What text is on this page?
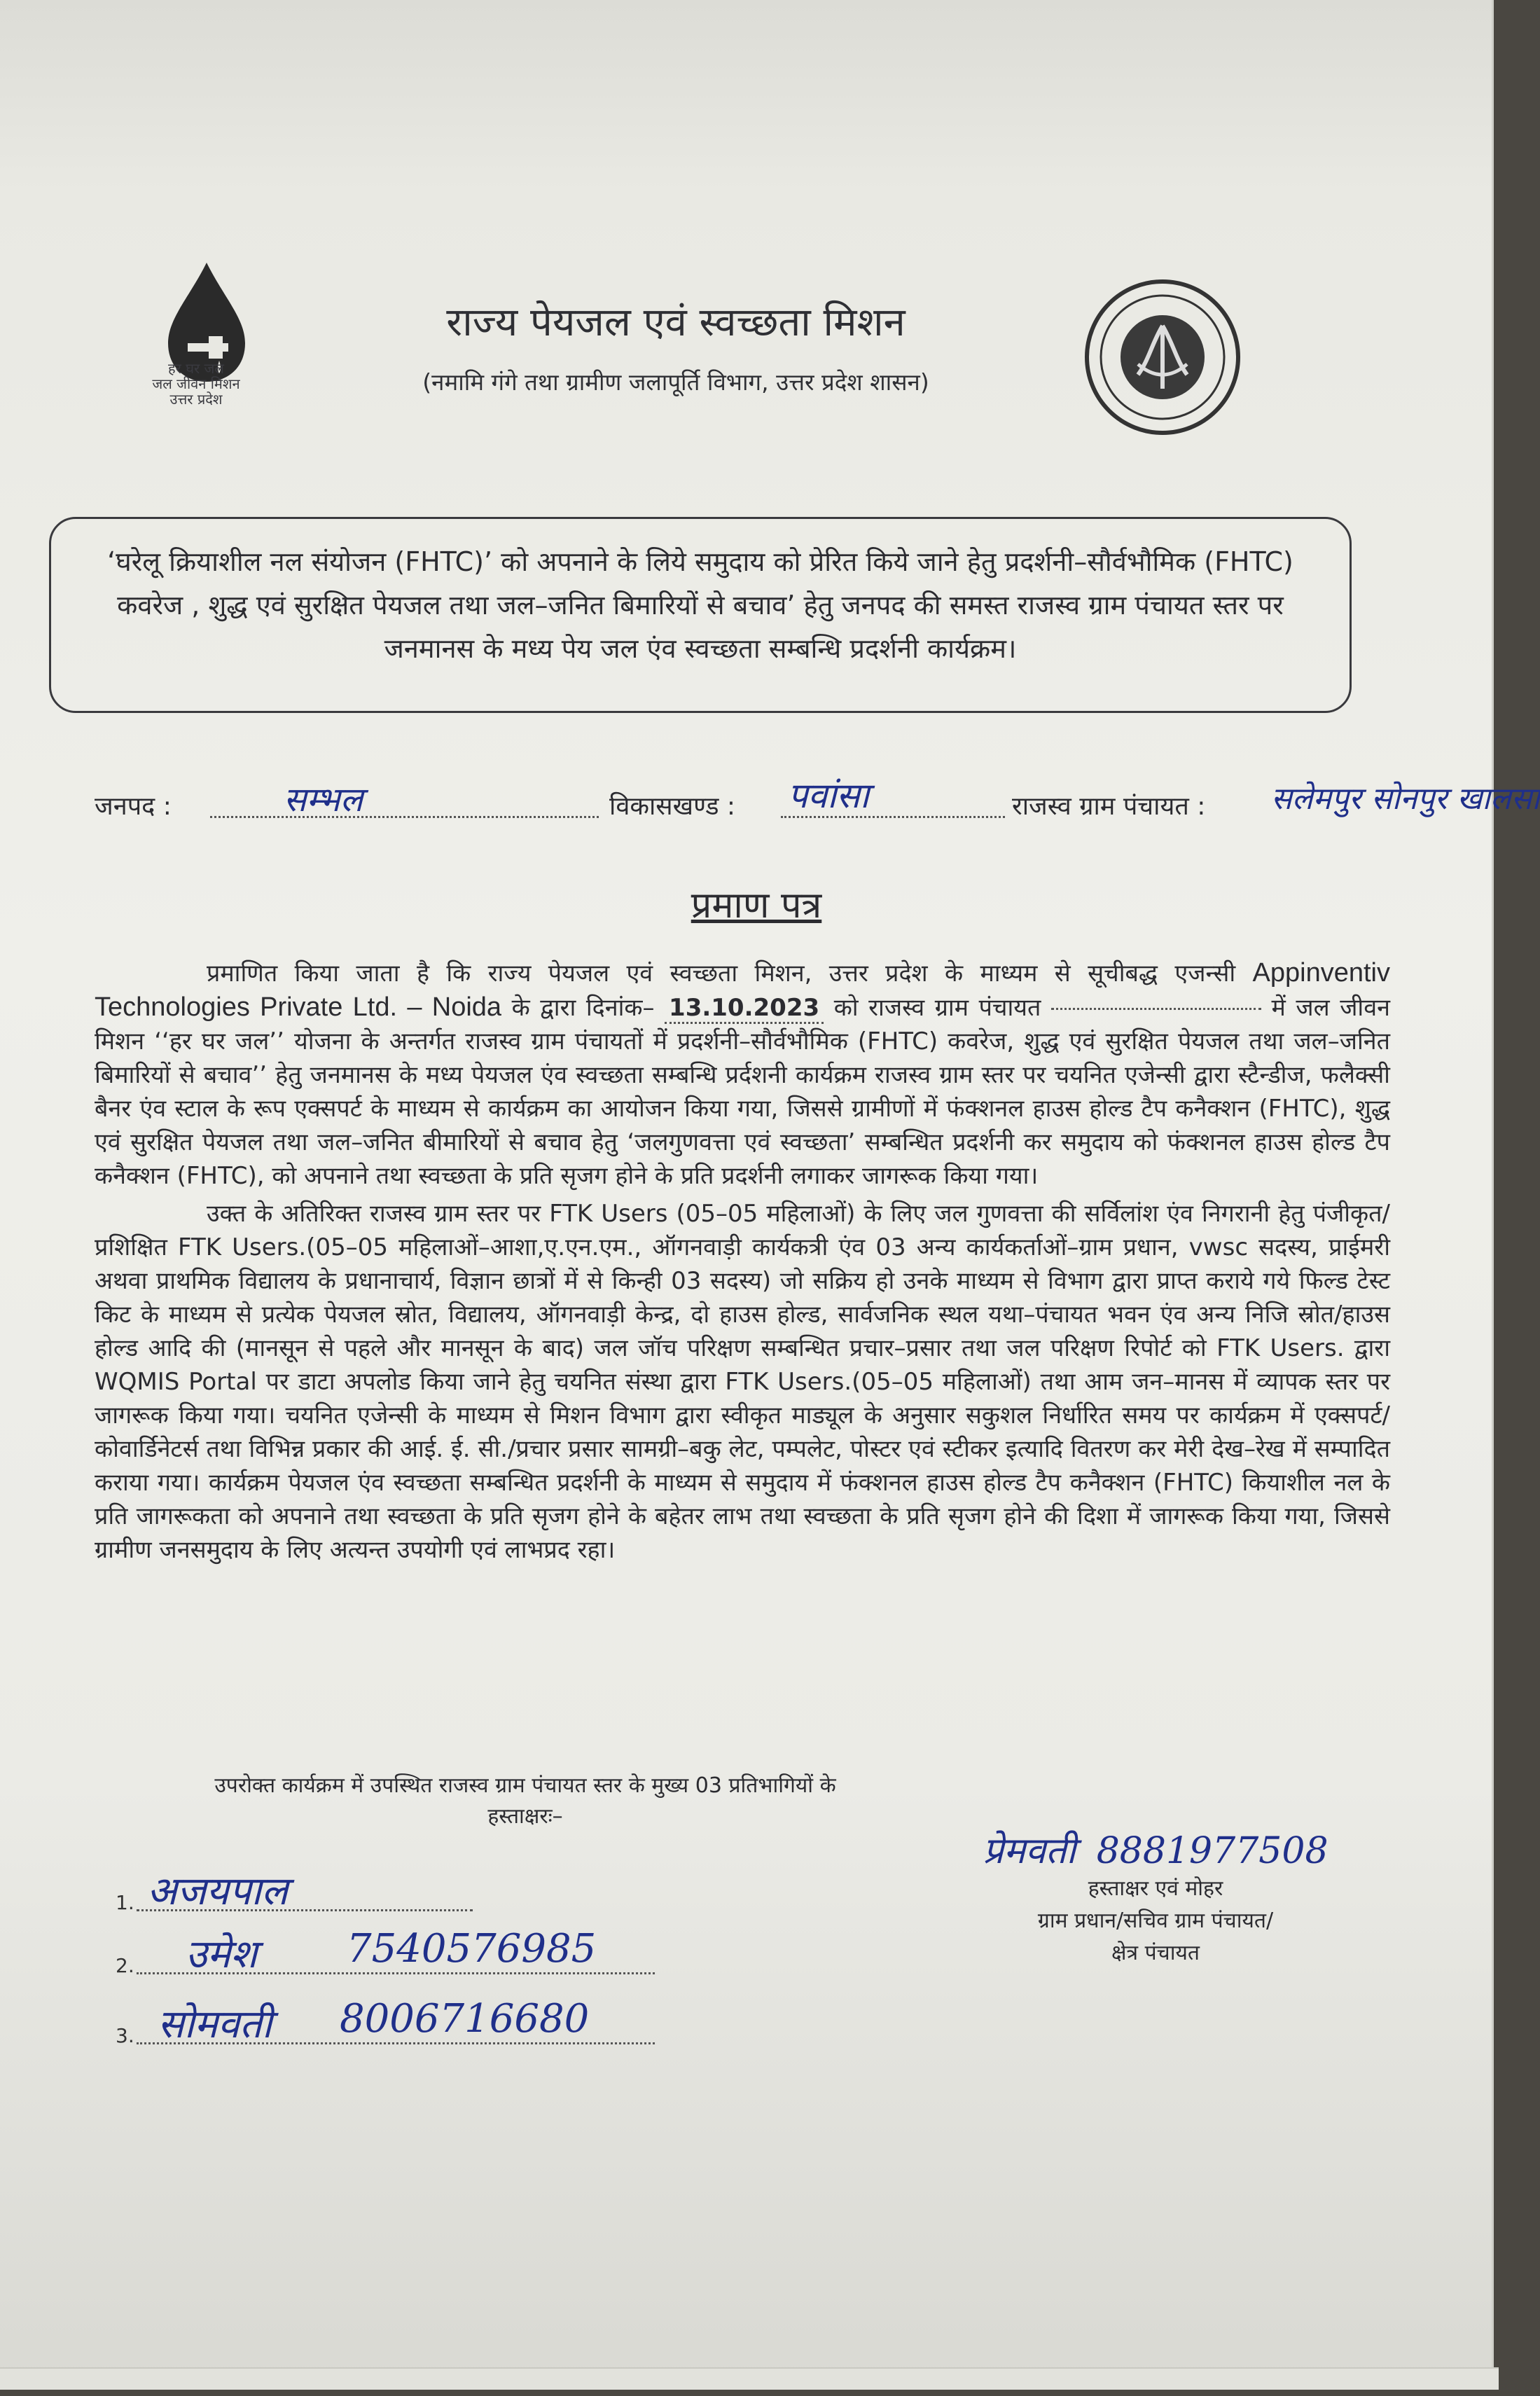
हर घर जल
जल जीवन मिशन
उत्तर प्रदेश
राज्य पेयजल एवं स्वच्छता मिशन
(नमामि गंगे तथा ग्रामीण जलापूर्ति विभाग, उत्तर प्रदेश शासन)
‘घरेलू क्रियाशील नल संयोजन (FHTC)’ को अपनाने के लिये समुदाय को प्रेरित किये जाने हेतु प्रदर्शनी–सौर्वभौमिक (FHTC) कवरेज , शुद्ध एवं सुरक्षित पेयजल तथा जल–जनित बिमारियों से बचाव’ हेतु जनपद की समस्त राजस्व ग्राम पंचायत स्तर पर जनमानस के मध्य पेय जल एंव स्वच्छता सम्बन्धि प्रदर्शनी कार्यक्रम।
जनपद :	सम्भल	विकासखण्ड : पवांसा	राजस्व ग्राम पंचायत : सलेमपुर सोनपुर खालसा
प्रमाण पत्र

प्रमाणित किया जाता है कि राज्य पेयजल एवं स्वच्छता मिशन, उत्तर प्रदेश के माध्यम से सूचीबद्ध एजन्सी Appinventiv Technologies Private Ltd. – Noida के द्वारा दिनांक– 13.10.2023 को राजस्व ग्राम पंचायत	में जल जीवन मिशन ‘‘हर घर जल’’ योजना के अन्तर्गत राजस्व ग्राम पंचायतों में प्रदर्शनी–सौर्वभौमिक (FHTC) कवरेज, शुद्ध एवं सुरक्षित पेयजल तथा जल–जनित बिमारियों से बचाव’’ हेतु जनमानस के मध्य पेयजल एंव स्वच्छता सम्बन्धि प्रर्दशनी कार्यक्रम राजस्व ग्राम स्तर पर चयनित एजेन्सी द्वारा स्टैन्डीज, फलैक्सी बैनर एंव स्टाल के रूप एक्सपर्ट के माध्यम से कार्यक्रम का आयोजन किया गया, जिससे ग्रामीणों में फंक्शनल हाउस होल्ड टैप कनैक्शन (FHTC), शुद्ध एवं सुरक्षित पेयजल तथा जल–जनित बीमारियों से बचाव हेतु ‘जलगुणवत्ता एवं स्वच्छता’ सम्बन्धित प्रदर्शनी कर समुदाय को फंक्शनल हाउस होल्ड टैप कनैक्शन (FHTC), को अपनाने तथा स्वच्छता के प्रति सृजग होने के प्रति प्रदर्शनी लगाकर जागरूक किया गया।

उक्त के अतिरिक्त राजस्व ग्राम स्तर पर FTK Users (05–05 महिलाओं) के लिए जल गुणवत्ता की सर्विलांश एंव निगरानी हेतु पंजीकृत/प्रशिक्षित FTK Users.(05–05 महिलाओं–आशा,ए.एन.एम., ऑगनवाड़ी कार्यकत्री एंव 03 अन्य कार्यकर्ताओं–ग्राम प्रधान, vwsc सदस्य, प्राईमरी अथवा प्राथमिक विद्यालय के प्रधानाचार्य, विज्ञान छात्रों में से किन्ही 03 सदस्य) जो सक्रिय हो उनके माध्यम से विभाग द्वारा प्राप्त कराये गये फिल्ड टेस्ट किट के माध्यम से प्रत्येक पेयजल स्रोत, विद्यालय, ऑगनवाड़ी केन्द्र, दो हाउस होल्ड, सार्वजनिक स्थल यथा–पंचायत भवन एंव अन्य निजि स्रोत/हाउस होल्ड आदि की (मानसून से पहले और मानसून के बाद) जल जॉच परिक्षण सम्बन्धित प्रचार–प्रसार तथा जल परिक्षण रिपोर्ट को FTK Users. द्वारा WQMIS Portal पर डाटा अपलोड किया जाने हेतु चयनित संस्था द्वारा FTK Users.(05–05 महिलाओं) तथा आम जन–मानस में व्यापक स्तर पर जागरूक किया गया। चयनित एजेन्सी के माध्यम से मिशन विभाग द्वारा स्वीकृत माड्यूल के अनुसार सकुशल निर्धारित समय पर कार्यक्रम में एक्सपर्ट/कोवार्डिनेटर्स तथा विभिन्न प्रकार की आई. ई. सी./प्रचार प्रसार सामग्री–बकु लेट, पम्पलेट, पोस्टर एवं स्टीकर इत्यादि वितरण कर मेरी देख–रेख में सम्पादित कराया गया। कार्यक्रम पेयजल एंव स्वच्छता सम्बन्धित प्रदर्शनी के माध्यम से समुदाय में फंक्शनल हाउस होल्ड टैप कनैक्शन (FHTC) कियाशील नल के प्रति जागरूकता को अपनाने तथा स्वच्छता के प्रति सृजग होने के बहेतर लाभ तथा स्वच्छता के प्रति सृजग होने की दिशा में जागरूक किया गया, जिससे ग्रामीण जनसमुदाय के लिए अत्यन्त उपयोगी एवं लाभप्रद रहा।

उपरोक्त कार्यक्रम में उपस्थित राजस्व ग्राम पंचायत स्तर के मुख्य 03 प्रतिभागियों के
हस्ताक्षरः–
1. अजयपाल
2. उमेश 7540576985
3. सोमवती 8006716680
प्रेमवती 8881977508
हस्ताक्षर एवं मोहर
ग्राम प्रधान/सचिव ग्राम पंचायत/
क्षेत्र पंचायत
